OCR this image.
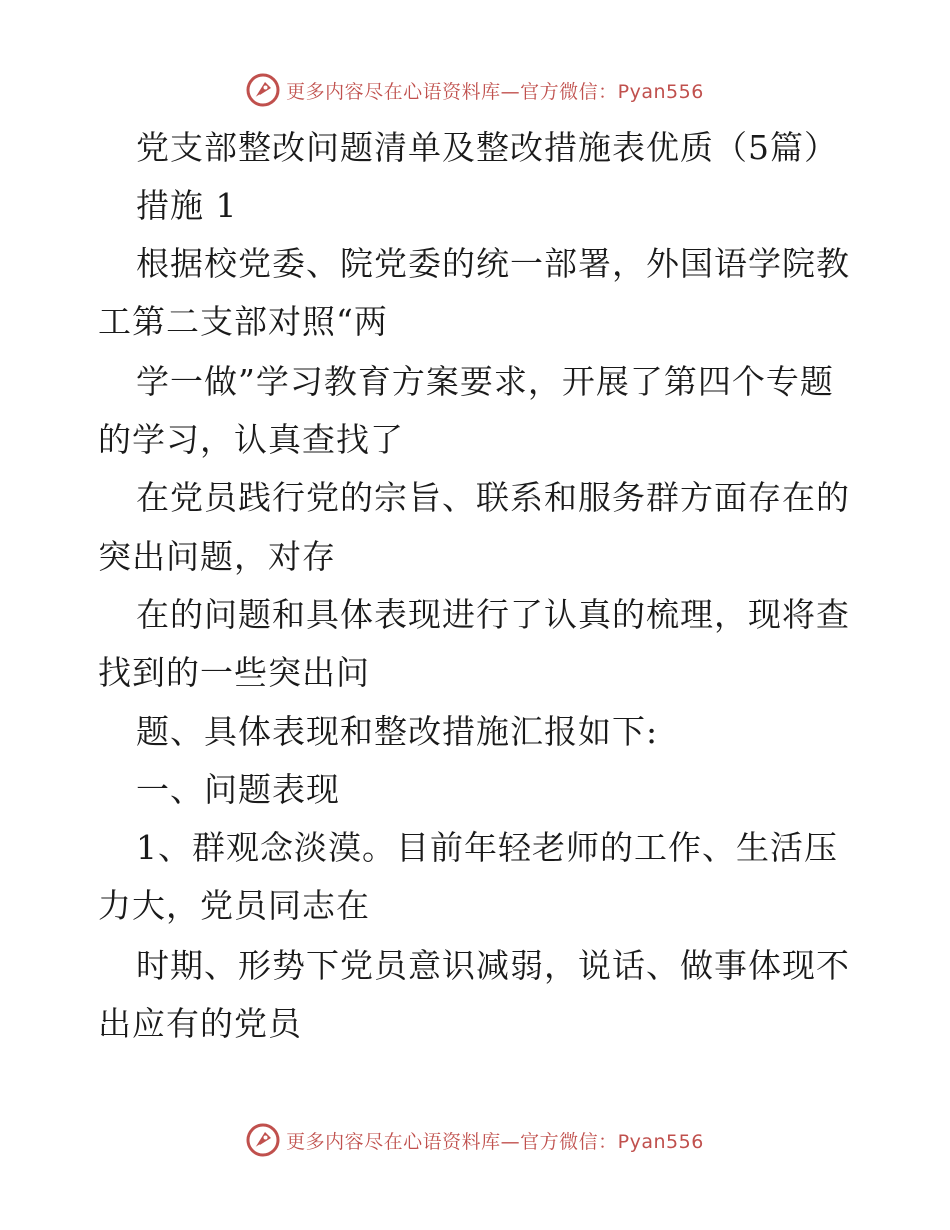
更多内容尽在心语资料库—官方微信：Pyan556
党支部整改问题清单及整改措施表优质（5篇）
措施 1
根据校党委、院党委的统一部署，外国语学院教
工第二支部对照“两
学一做”学习教育方案要求，开展了第四个专题
的学习，认真查找了
在党员践行党的宗旨、联系和服务群方面存在的
突出问题，对存
在的问题和具体表现进行了认真的梳理，现将查
找到的一些突出问
题、具体表现和整改措施汇报如下:
一、问题表现
1、群观念淡漠。目前年轻老师的工作、生活压
力大，党员同志在
时期、形势下党员意识减弱，说话、做事体现不
出应有的党员
更多内容尽在心语资料库—官方微信：Pyan556
